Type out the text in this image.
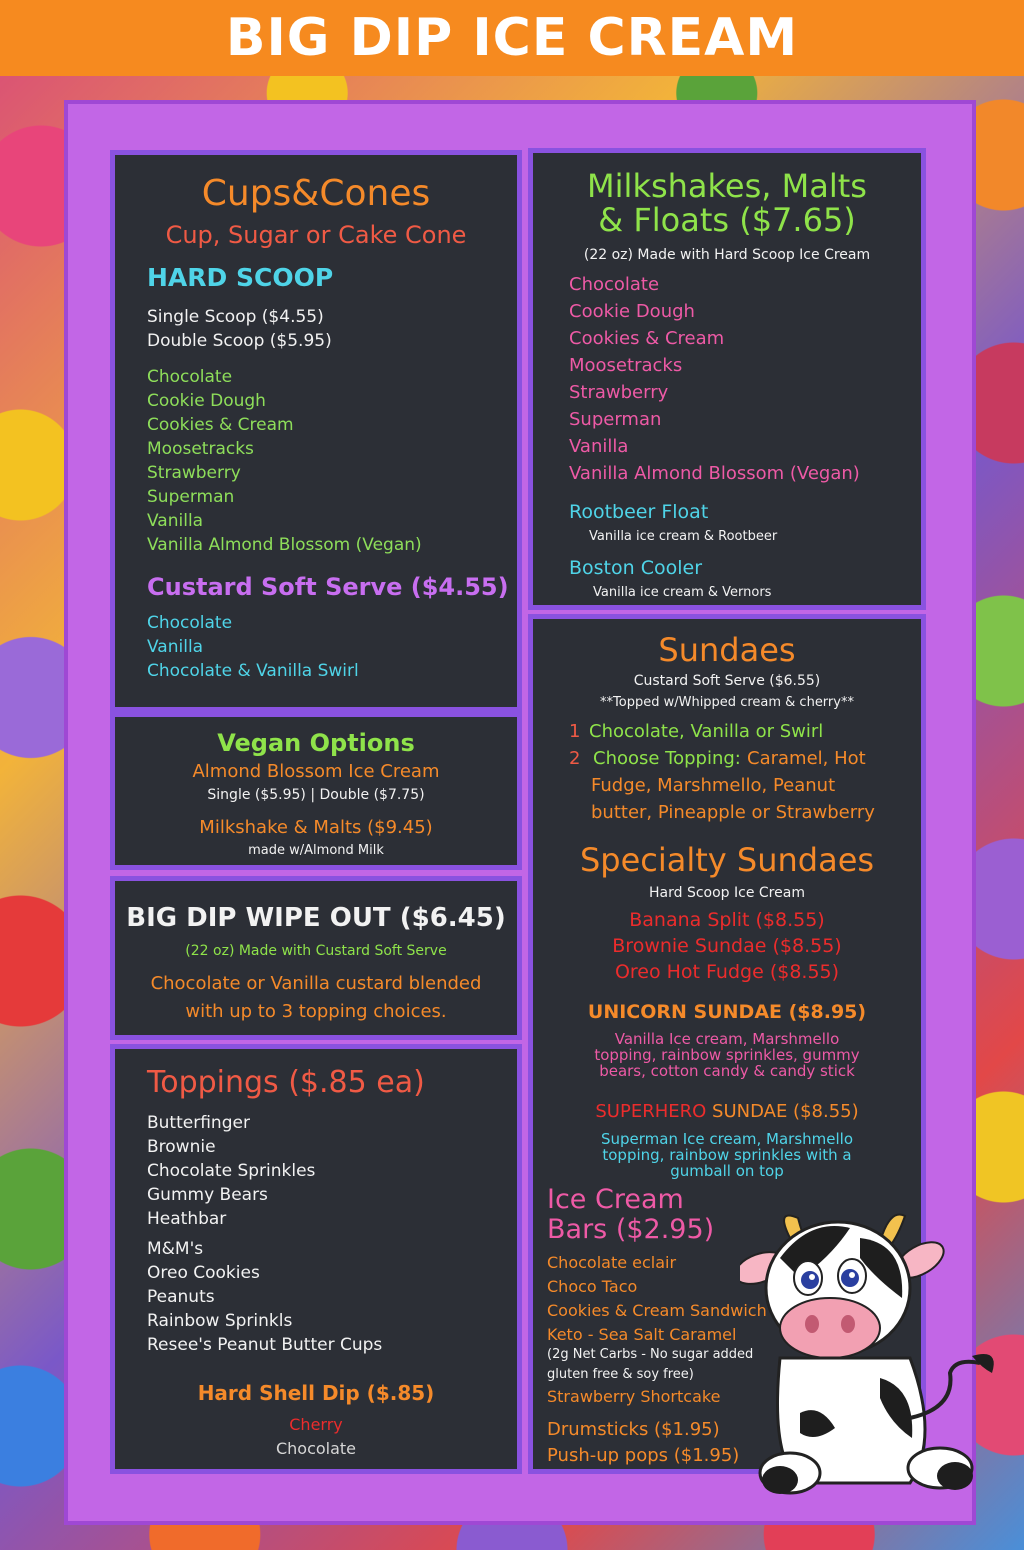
BIG DIP ICE CREAM
Cups&Cones
Cup, Sugar or Cake Cone
HARD SCOOP
Single Scoop ($4.55)
Double Scoop ($5.95)
Chocolate
Cookie Dough
Cookies & Cream
Moosetracks
Strawberry
Superman
Vanilla
Vanilla Almond Blossom (Vegan)
Custard Soft Serve ($4.55)
Chocolate
Vanilla
Chocolate & Vanilla Swirl
Vegan Options
Almond Blossom Ice Cream
Single ($5.95) | Double ($7.75)
Milkshake & Malts ($9.45)
made w/Almond Milk
BIG DIP WIPE OUT ($6.45)
(22 oz) Made with Custard Soft Serve
Chocolate or Vanilla custard blended
with up to 3 topping choices.
Toppings ($.85 ea)
Butterfinger
Brownie
Chocolate Sprinkles
Gummy Bears
Heathbar
M&M's
Oreo Cookies
Peanuts
Rainbow Sprinkls
Resee's Peanut Butter Cups
Hard Shell Dip ($.85)
Cherry
Chocolate
Milkshakes, Malts
& Floats ($7.65)
(22 oz) Made with Hard Scoop Ice Cream
Chocolate
Cookie Dough
Cookies & Cream
Moosetracks
Strawberry
Superman
Vanilla
Vanilla Almond Blossom (Vegan)
Rootbeer Float
Vanilla ice cream & Rootbeer
Boston Cooler
Vanilla ice cream & Vernors
Sundaes
Custard Soft Serve ($6.55)
**Topped w/Whipped cream & cherry**
1 Chocolate, Vanilla or Swirl
2 Choose Topping: Caramel, Hot
Fudge, Marshmello, Peanut
butter, Pineapple or Strawberry
Specialty Sundaes
Hard Scoop Ice Cream
Banana Split ($8.55)
Brownie Sundae ($8.55)
Oreo Hot Fudge ($8.55)
UNICORN SUNDAE ($8.95)
Vanilla Ice cream, Marshmello
topping, rainbow sprinkles, gummy
bears, cotton candy & candy stick
SUPERHERO SUNDAE ($8.55)
Superman Ice cream, Marshmello
topping, rainbow sprinkles with a
gumball on top
Ice Cream
Bars ($2.95)
Chocolate eclair
Choco Taco
Cookies & Cream Sandwich
Keto - Sea Salt Caramel
(2g Net Carbs - No sugar added
gluten free & soy free)
Strawberry Shortcake
Drumsticks ($1.95)
Push-up pops ($1.95)
